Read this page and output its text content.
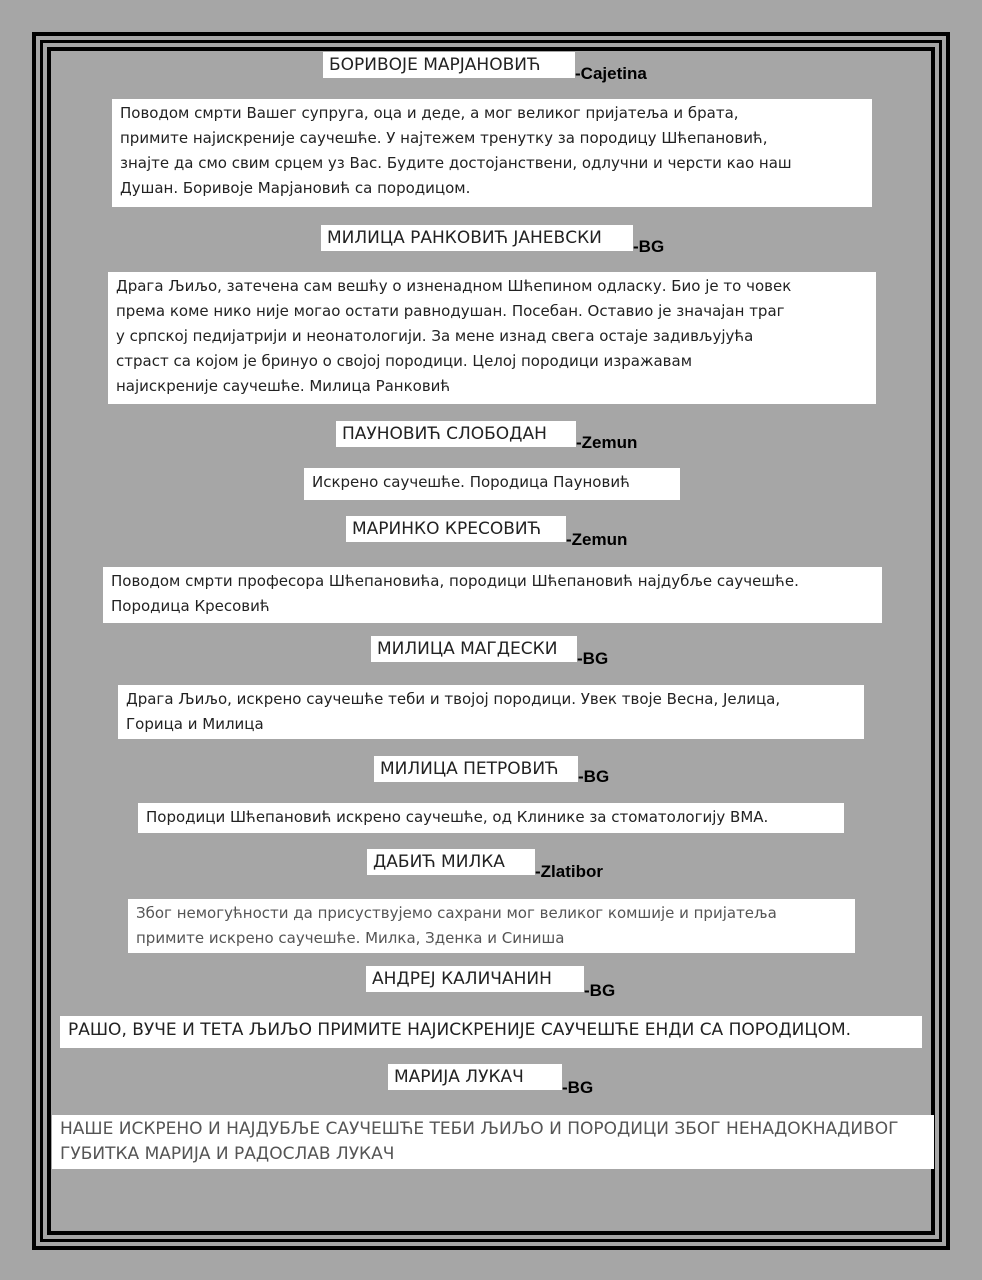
БОРИВОЈЕ МАРЈАНОВИЋ	-Cajetina
Поводом смрти Вашег супруга, оца и деде, а мог великог пријатеља и брата,
примите најискреније саучешће. У најтежем тренутку за породицу Шћепановић,
знајте да смо свим срцем уз Вас. Будите достојанствени, одлучни и черсти као наш
Душан. Боривоје Марјановић са породицом.
МИЛИЦА РАНКОВИЋ ЈАНЕВСКИ	-BG
Драга Љиљо, затечена сам вешћу о изненадном Шћепином одласку. Био је то човек
према коме нико није могао остати равнодушан. Посебан. Оставио је значајан траг
у српској педијатрији и неонатологији. За мене изнад свега остаје задивљујућа
страст са којом је бринуо о својој породици. Целој породици изражавам
најискреније саучешће. Милица Ранковић
ПАУНОВИЋ СЛОБОДАН	-Zemun
Искрено саучешће. Породица Пауновић
МАРИНКО КРЕСОВИЋ
-Zemun
Поводом смрти професора Шћепановића, породици Шћепановић најдубље саучешће.
Породица Кресовић
МИЛИЦА МАГДЕСКИ	-BG
Драга Љиљо, искрено саучешће теби и твојој породици. Увек твоје Весна, Јелица,
Горица и Милица
МИЛИЦА ПЕТРОВИЋ	-BG
Породици Шћепановић искрено саучешће, од Клинике за стоматологију ВМА.
ДАБИЋ МИЛКА	-Zlatibor
Због немогућности да присуствујемо сахрани мог великог комшије и пријатеља
примите искрено саучешће. Милка, Зденка и Синиша
АНДРЕЈ КАЛИЧАНИН
-BG
РАШО, ВУЧЕ И ТЕТА ЉИЉО ПРИМИТЕ НАЈИСКРЕНИЈЕ САУЧЕШЋЕ ЕНДИ СА ПОРОДИЦОМ.
МАРИЈА ЛУКАЧ
-BG
НАШЕ ИСКРЕНО И НАЈДУБЉЕ САУЧЕШЋЕ ТЕБИ ЉИЉО И ПОРОДИЦИ ЗБОГ НЕНАДОКНАДИВОГ
ГУБИТКА МАРИЈА И РАДОСЛАВ ЛУКАЧ
